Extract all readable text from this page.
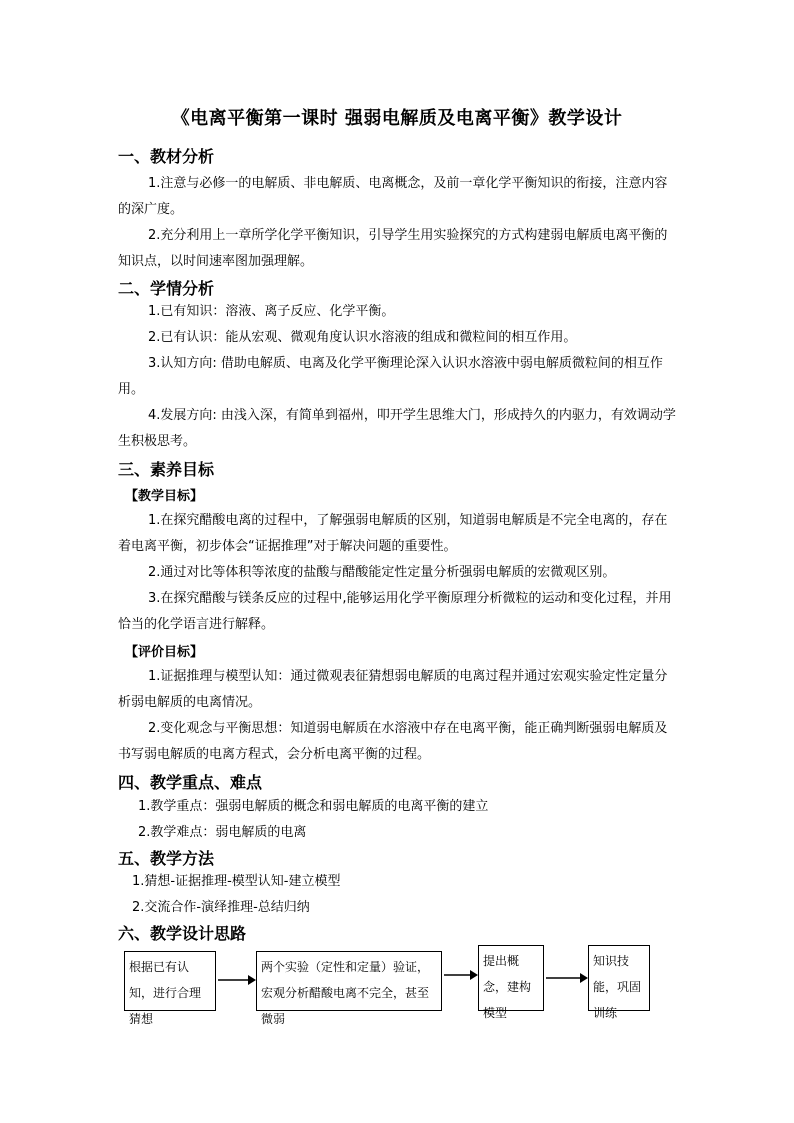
《电离平衡第一课时 强弱电解质及电离平衡》教学设计
一、教材分析
1.注意与必修一的电解质、非电解质、电离概念，及前一章化学平衡知识的衔接，注意内容的深广度。
2.充分利用上一章所学化学平衡知识，引导学生用实验探究的方式构建弱电解质电离平衡的知识点，以时间速率图加强理解。
二、学情分析
1.已有知识：溶液、离子反应、化学平衡。
2.已有认识：能从宏观、微观角度认识水溶液的组成和微粒间的相互作用。
3.认知方向: 借助电解质、电离及化学平衡理论深入认识水溶液中弱电解质微粒间的相互作用。
4.发展方向: 由浅入深，有简单到福州，叩开学生思维大门，形成持久的内驱力，有效调动学生积极思考。
三、素养目标
【教学目标】
1.在探究醋酸电离的过程中，了解强弱电解质的区别，知道弱电解质是不完全电离的，存在着电离平衡，初步体会“证据推理”对于解决问题的重要性。
2.通过对比等体积等浓度的盐酸与醋酸能定性定量分析强弱电解质的宏微观区别。
3.在探究醋酸与镁条反应的过程中,能够运用化学平衡原理分析微粒的运动和变化过程，并用恰当的化学语言进行解释。
【评价目标】
1.证据推理与模型认知：通过微观表征猜想弱电解质的电离过程并通过宏观实验定性定量分析弱电解质的电离情况。
2.变化观念与平衡思想：知道弱电解质在水溶液中存在电离平衡，能正确判断强弱电解质及书写弱电解质的电离方程式，会分析电离平衡的过程。
四、教学重点、难点
1.教学重点：强弱电解质的概念和弱电解质的电离平衡的建立
2.教学难点：弱电解质的电离
五、教学方法
1.猜想-证据推理-模型认知-建立模型
2.交流合作-演绎推理-总结归纳
六、教学设计思路
根据已有认知，进行合理猜想
两个实验（定性和定量）验证，宏观分析醋酸电离不完全，甚至微弱
提出概念，建构模型
知识技能，巩固训练
